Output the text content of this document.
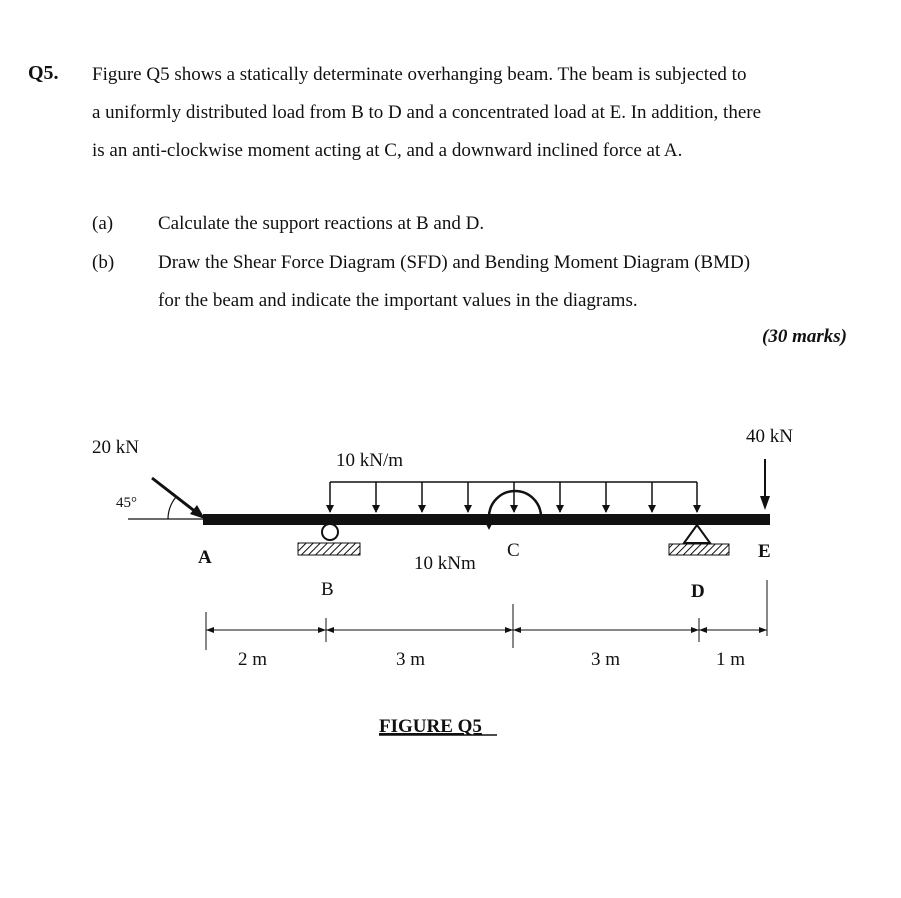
Q5. Figure Q5 shows a statically determinate overhanging beam. The beam is subjected to
a uniformly distributed load from B to D and a concentrated load at E. In addition, there
is an anti-clockwise moment acting at C, and a downward inclined force at A.
(a) Calculate the support reactions at B and D.
(b) Draw the Shear Force Diagram (SFD) and Bending Moment Diagram (BMD)
for the beam and indicate the important values in the diagrams.
(30 marks)
20 kN
45°
10 kN/m
10 kNm
40 kN
A
B
C
D
E
2 m	3 m	3 m	1 m
FIGURE Q5
